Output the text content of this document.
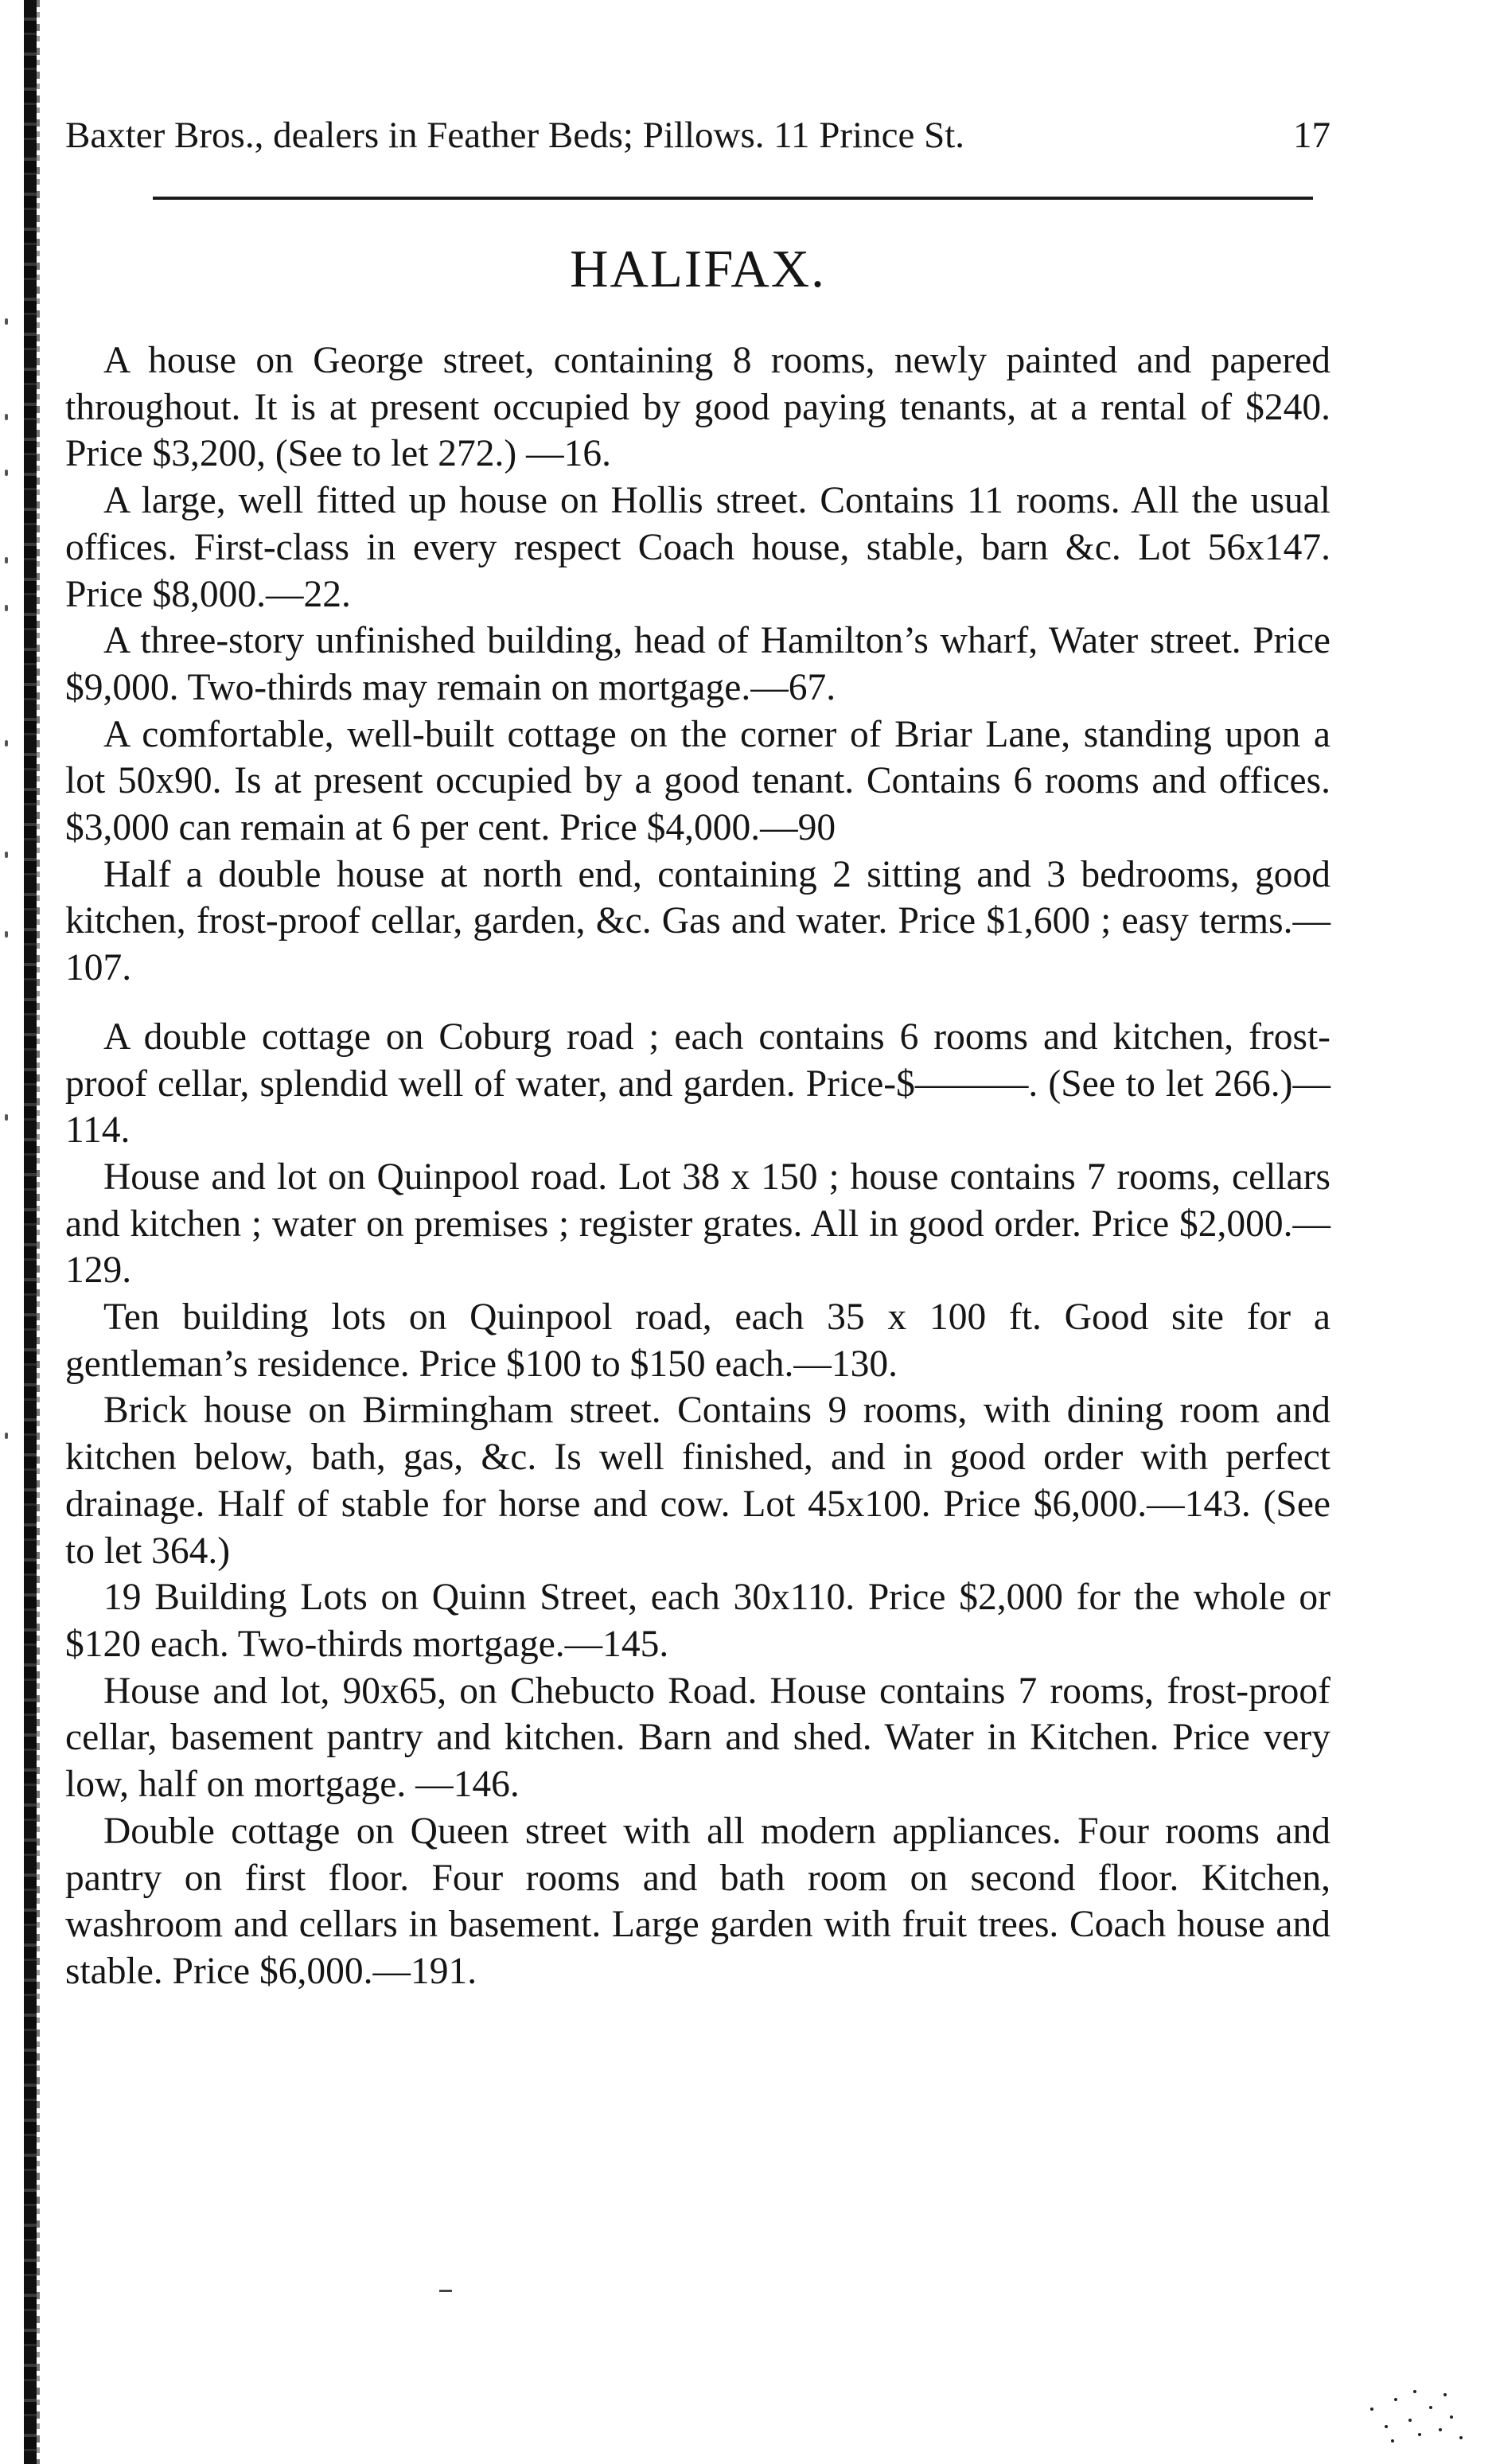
Baxter Bros., dealers in Feather Beds; Pillows. 11 Prince St.	17
HALIFAX.

A house on George street, containing 8 rooms, newly painted and papered throughout. It is at present occupied by good paying tenants, at a rental of $240. Price $3,200, (See to let 272.) —16.

A large, well fitted up house on Hollis street. Contains 11 rooms. All the usual offices. First-class in every respect Coach house, stable, barn &c. Lot 56x147. Price $8,000.—22.

A three-story unfinished building, head of Hamilton’s wharf, Water street. Price $9,000. Two-thirds may remain on mortgage.—67.

A comfortable, well-built cottage on the corner of Briar Lane, standing upon a lot 50x90. Is at present occupied by a good tenant. Contains 6 rooms and offices. $3,000 can remain at 6 per cent. Price $4,000.—90

Half a double house at north end, containing 2 sitting and 3 bedrooms, good kitchen, frost-proof cellar, garden, &c. Gas and water. Price $1,600 ; easy terms.—107.

A double cottage on Coburg road ; each contains 6 rooms and kitchen, frost-proof cellar, splendid well of water, and garden. Price-$———. (See to let 266.)—114.

House and lot on Quinpool road. Lot 38 x 150 ; house contains 7 rooms, cellars and kitchen ; water on premises ; register grates. All in good order. Price $2,000.—129.

Ten building lots on Quinpool road, each 35 x 100 ft. Good site for a gentleman’s residence. Price $100 to $150 each.—130.

Brick house on Birmingham street. Contains 9 rooms, with dining room and kitchen below, bath, gas, &c. Is well finished, and in good order with perfect drainage. Half of stable for horse and cow. Lot 45x100. Price $6,000.—143. (See to let 364.)

19 Building Lots on Quinn Street, each 30x110. Price $2,000 for the whole or $120 each. Two-thirds mortgage.—145.

House and lot, 90x65, on Chebucto Road. House contains 7 rooms, frost-proof cellar, basement pantry and kitchen. Barn and shed. Water in Kitchen. Price very low, half on mortgage. —146.

Double cottage on Queen street with all modern appliances. Four rooms and pantry on first floor. Four rooms and bath room on second floor. Kitchen, washroom and cellars in basement. Large garden with fruit trees. Coach house and stable. Price $6,000.—191.
